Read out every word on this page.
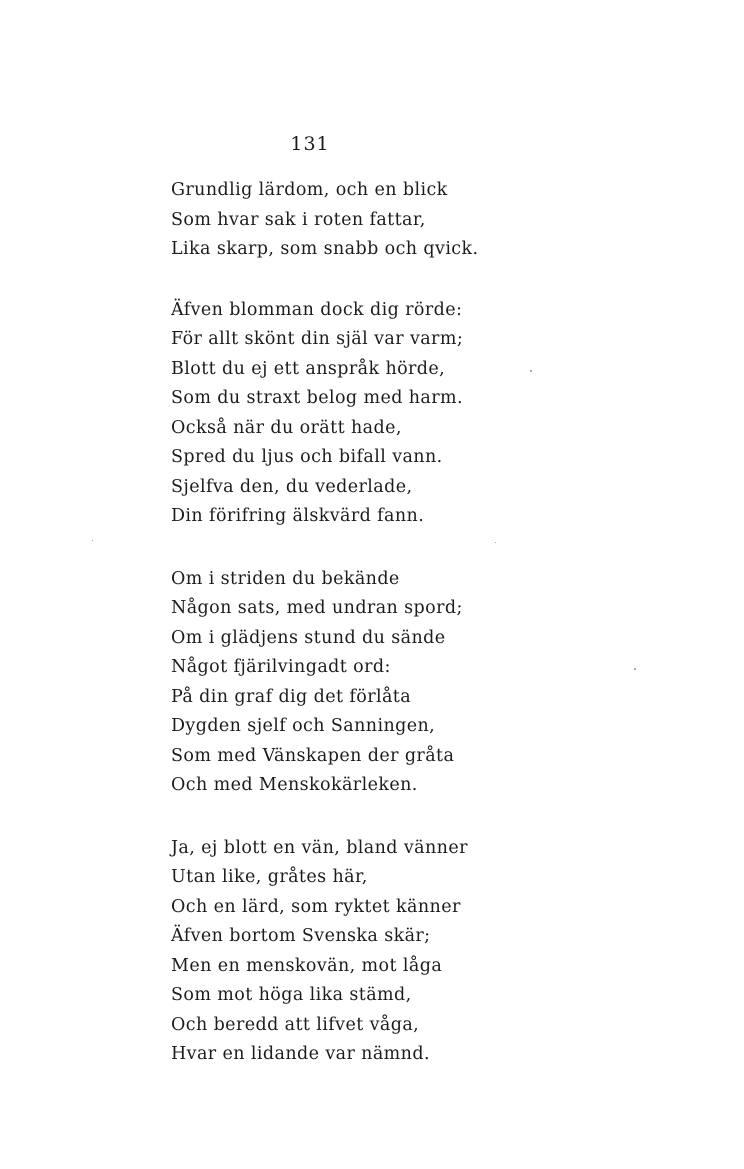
131
Grundlig lärdom, och en blick
Som hvar sak i roten fattar,
Lika skarp, som snabb och qvick.
Äfven blomman dock dig rörde:
För allt skönt din själ var varm;
Blott du ej ett anspråk hörde,
Som du straxt belog med harm.
Också när du orätt hade,
Spred du ljus och bifall vann.
Sjelfva den, du vederlade,
Din förifring älskvärd fann.
Om i striden du bekände
Någon sats, med undran spord;
Om i glädjens stund du sände
Något fjärilvingadt ord:
På din graf dig det förlåta
Dygden sjelf och Sanningen,
Som med Vänskapen der gråta
Och med Menskokärleken.
Ja, ej blott en vän, bland vänner
Utan like, gråtes här,
Och en lärd, som ryktet känner
Äfven bortom Svenska skär;
Men en menskovän, mot låga
Som mot höga lika stämd,
Och beredd att lifvet våga,
Hvar en lidande var nämnd.
